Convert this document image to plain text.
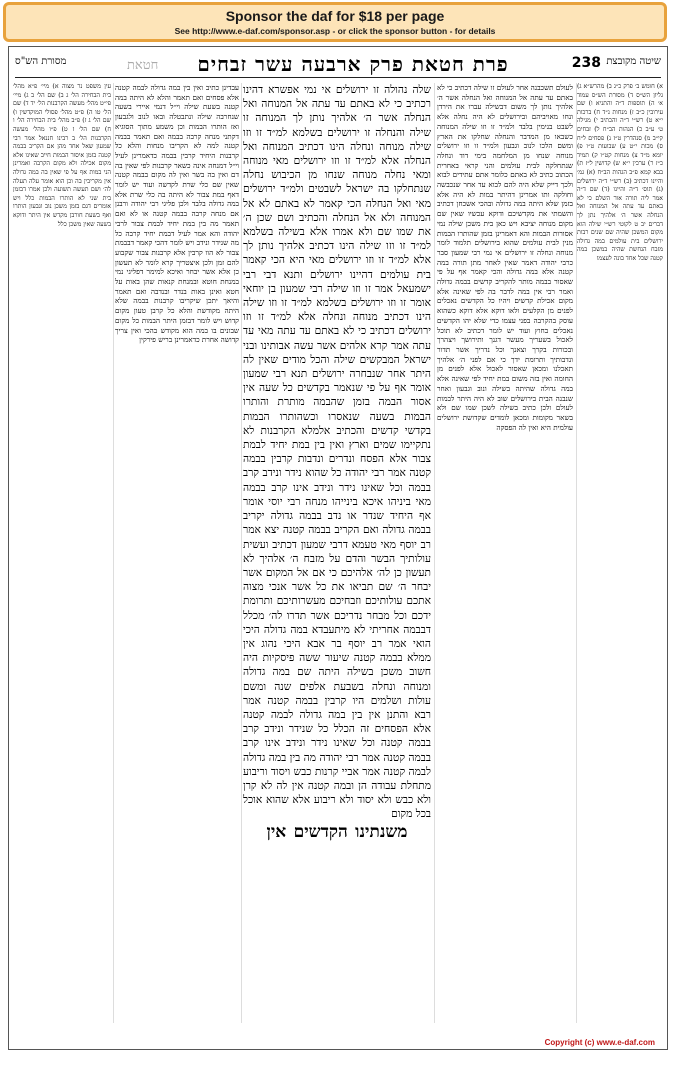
Sponsor the daf for $18 per page
See http://www.e-daf.com/sponsor.asp - or click the sponsor button - for details
שיטה מקובצת
238
פרת חטאת פרק ארבעה עשר זבחים
חטאת
מסורת הש"ס

א) חומש ב׳ פרק כ״ג ב) מהרש״א ג) גליון הש״ס ד) מסורת הש״ס עמוד א׳ ה) תוספות ד״ה והתניא ו) שם עירובין כ״ב ז) מנחות נ״ד ח) ברכות י״א ט) רש״י ד״ה והכתיב י) מגילה ט׳ ע״ב כ) הגהות הב״ח ל) זבחים קי״ב מ) סנהדרין ט״ז נ) פסחים ל״ח ס) מכות י״ט ע) שבועות ט״ו פ) יומא מ״ד צ) מנחות קט״ו ק) תמיד כ״ז ר) ערכין י״א ש) קדושין ל״ז ת) בבא קמא פ״ב הגהות הב״ח (א) גמ׳ והיינו דכתיב (ב) רש״י ד״ה ירושלים (ג) תוס׳ ד״ה והיינו (ד) שם ד״ה אמר ליה תורה אור השלם כי לא באתם עד עתה אל המנוחה ואל הנחלה אשר ה׳ אלהיך נתן לך דברים יב ט לקוטי רש״י שילה הוא מקום המשכן שהיה שם שנים רבות ירושלים בית עולמים במה גדולה מזבח הנחשת שהיה במשכן במה קטנה שכל אחד בונה לעצמו

לעולם תשכבנה אחר לעולם זו שילה דכתיב כי לא באתם עד עתה אל המנוחה ואל הנחלה אשר ה׳ אלהיך נותן לך משום דבשילה עברו את הירדן ונחו מאויביהם ובירושלים לא היה נחלה אלא לשבט בנימין בלבד ולמ״ד זו וזו שילה המנוחה כשבאו מן המדבר והנחלה שחלקו את הארץ ומשם הלכו לנוב וגבעון ולמ״ד זו וזו ירושלים מנוחה שנחו מן המלחמה בימי דוד ונחלה שנתחלקה לבית עולמים והני קראי באחרית הכתוב כתיב לא באתם כלומר אתם עתידים לבוא ולכך דייק שלא היה להם לבוא עד אחר שנכבשה וחולקה ותו אמרינן דהיתר במות לא היה אלא בזמן שלא היתה במה גדולה ובהכי אשכחן דכתיב והשמתי את מקדשיכם ודוקא עכשיו שאין שם מקום מנוחה יציבא ויש כאן בית משכן שילה נמי אסורות הבמות והא דאמרינן בזמן שהותרו הבמות מנין לבית עולמים שהוא בירושלים תלמוד לומר מנוחה ונחלה זו ירושלים אי נמי רבי שמעון סבר כרבי יהודה דאמר שאין לאחר מתן תורה במה קטנה אלא במה גדולה והכי קאמר אף על פי שאסור בבמה מותר להקריב קדשים בבמה גדולה ואמר רבי אין במה לדבר בה לפי שאינה אלא מקום אכילת קדשים ויהיו כל הקדשים נאכלים לפנים מן הקלעים ולאו דוקא אלא דוקא כשהוא עוסק בהקרבה בפני עצמו כדי שלא יהו הקדשים נאכלים בחוץ ועוד יש לומר דכתיב לא תוכל לאכול בשעריך מעשר דגנך ותירושך ויצהרך ובכורות בקרך וצאנך וכל נדריך אשר תדור ונדבותיך ותרומת ידך כי אם לפני ה׳ אלהיך תאכלנו ומכאן שאסור לאכול אלא לפנים מן החומה ואין בזה משום במת יחיד לפי שאינה אלא במה גדולה שהיתה בשילה ונוב וגבעון ואחר שנבנה הבית בירושלים שוב לא היה היתר לבמות לעולם ולכן כתיב בשילה לשכן שמו שם ולא בשאר מקומות ומכאן לומדים שקדושת ירושלים עולמית היא ואין לה הפסקה

שלה נהולה זו ירושלים אי נמי אפשרא דהינו רכתיב כי לא באתם עד עתה אל המנוחה ואל הנחלה אשר ה׳ אלהיך נותן לך המנוחה זו שילה והנחלה זו ירושלים בשלמא למ״ד זו וזו שילה מנוחה ונחלה הינו דכתיב המנוחה ואל הנחלה אלא למ״ד זו וזו ירושלים מאי מנוחה ומאי נחלה מנוחה שנחו מן הכיבוש נחלה שנתחלקו בה ישראל לשבטים ולמ״ד ירושלים מאי ואל הנחלה הכי קאמר לא באתם לא אל המנוחה ולא אל הנחלה והכתיב ושם שכן ה׳ את שמו שם ולא אמרו אלא בשילה בשלמא למ״ד זו וזו שילה הינו דכתיב אלהיך נותן לך אלא למ״ד זו וזו ירושלים מאי היא הכי קאמר בית עולמים דהיינו ירושלים ותנא דבי רבי ישמעאל אמר זו וזו שילה רבי שמעון בן יוחאי אומר זו וזו ירושלים בשלמא למ״ד זו וזו שילה הינו דכתיב מנוחה ונחלה אלא למ״ד זו וזו ירושלים דכתיב כי לא באתם עד עתה מאי עד עתה אמר קרא אלהים אשר עשה אבותינו ובני ישראל המבקשים שילה והכל מודים שאין לה היתר אחר שנבחרה ירושלים תנא רבי שמעון אומר אף על פי שנאמר בקדשים כל שעה אין אסור הבמה בזמן שהבמה מותרת והותרו הבמות בשעה שנאסרו וכשהותרו הבמות בקדשי קדשים והכתיב אלמלא הקרבנות לא נתקיימו שמים וארץ ואין בין במת יחיד לבמת צבור אלא הפסח ונדרים ונדבות קרבין בבמה קטנה אמר רבי יהודה כל שהוא נידר ונידב קרב בבמה וכל שאינו נידר ונידב אינו קרב בבמה מאי ביניהו איכא בינייהו מנחה רבי יוסי אומר אף היחיד שנדר או נדב בבמה גדולה יקריב בבמה גדולה ואם הקריב בבמה קטנה יצא אמר רב יוסף מאי טעמא דרבי שמעון דכתיב ועשית עולותיך הבשר והדם על מזבח ה׳ אלהיך לא תעשון כן לה׳ אלהיכם כי אם אל המקום אשר יבחר ה׳ שם תביאו את כל אשר אנכי מצוה אתכם עולותיכם וזבחיכם מעשרותיכם ותרומת ידכם וכל מבחר נדריכם אשר תדרו לה׳ מכלל דבבמה אחריתי לא מיתעבדא במה גדולה היכי הואי אמר רב יוסף בר אבא היכי נהוג אין ממלא בבמה קטנה שיעור ששה פיסקיות היה חשוב משכן בשילה היתה שם במה גדולה ומנוחה ונחלה בשבעת אלפים שנה ומשם עולות ושלמים היו קרבין בבמה קטנה אמר רבא והתנן אין בין במה גדולה לבמה קטנה אלא הפסחים זה הכלל כל שנידר ונידב קרב בבמה קטנה וכל שאינו נידר ונידב אינו קרב בבמה קטנה אמר רבי יהודה מה בין במה גדולה לבמה קטנה אמר אביי קרנות כבש ויסוד וריבוע מתחלת עבודה הן ובמה קטנה אין לה לא קרן ולא כבש ולא יסוד ולא ריבוע אלא שהוא אוכל בכל מקום

משנתינו הקדשים אין

עבדינן כתיב ואין בין במה גדולה לבמה קטנה אלא פסחים ואם תאמר והלא לא היתה במה קטנה בשעת שילה וי״ל דנמי איירי בשעה שנחרבה שילה ונתבטלה ובאו לנוב ולגבעון ואז הותרו הבמות וכן משמע מתוך הסוגיא דקתני מנחה קרבה בבמה ואם תאמר בבמה קטנה למה לא הקריבו מנחות והלא כל קרבנות היחיד קרבין בבמה כדאמרינן לעיל וי״ל דמנחה אינה כשאר קרבנות לפי שאין בה דם ואין בה בשר ואין לה מקום בבמה קטנה שאין שם כלי שרת לקדשה ועוד יש לומר דאף במת צבור לא היתה בה כלי שרת אלא במה גדולה בלבד ולכן פליגי רבי יהודה ורבנן אם מנחה קרבה בבמה קטנה או לא ואם תאמר מה בין במת יחיד לבמת צבור לרבי יהודה והא אמר לעיל דבמת יחיד קרבה כל מה שנידר ונידב ויש לומר דהכי קאמר דבבמת צבור לא הוו קרבין אלא קרבנות צבור שקבוע להם זמן ולכן איצטריך קרא לומר לא תעשון כן אלא אשר יבחר ואיכא למימר דפליגי נמי במנחת חוטא ובמנחת קנאות שהן באות על חטא ואינן באות בנדר ובנדבה ואם תאמר והיאך יתכן שיקריבו קרבנות בבמה שלא היתה מקודשת והלא כל קרבן טעון מקום קדוש ויש לומר דבזמן היתר הבמות כל מקום שבונים בו במה הוא מקודש בהכי ואין צריך קדושה אחרת כדאמרינן בריש פירקין

עין משפט נר מצוה א) מיי׳ פ״א מהל׳ בית הבחירה הל׳ ג ב) שם הל׳ ב ג) מיי׳ פי״ט מהל׳ מעשה הקרבנות הל׳ יד ד) שם הל׳ טו ה) פ״ט מהל׳ פסולי המוקדשין ו) שם הל׳ ג ז) פ״ב מהל׳ בית הבחירה הל׳ ו ח) שם הל׳ ז ט) פ״ו מהל׳ מעשה הקרבנות הל׳ ב רבינו חננאל אמר רבי שמעון שאל אחד מהן אם הקריב בבמה קטנה בזמן איסור הבמות חייב שאינו אלא מקום אכילה ולא מקום הקרבה ואמרינן הני במות אף על פי שאין בה במה גדולה אין מקריבין בה וכן הוא אומר עלה תעלה לה׳ ושם תעשה תשועה ולכן אמרו דבזמן בית שני לא הותרו הבמות כלל ויש אומרים דגם בזמן משכן נוב וגבעון הותרו ואף בשעת חורבן מקדש אין היתר ודוקא בשעה שאין משכן כלל

Copyright (c) www.e-daf.com
